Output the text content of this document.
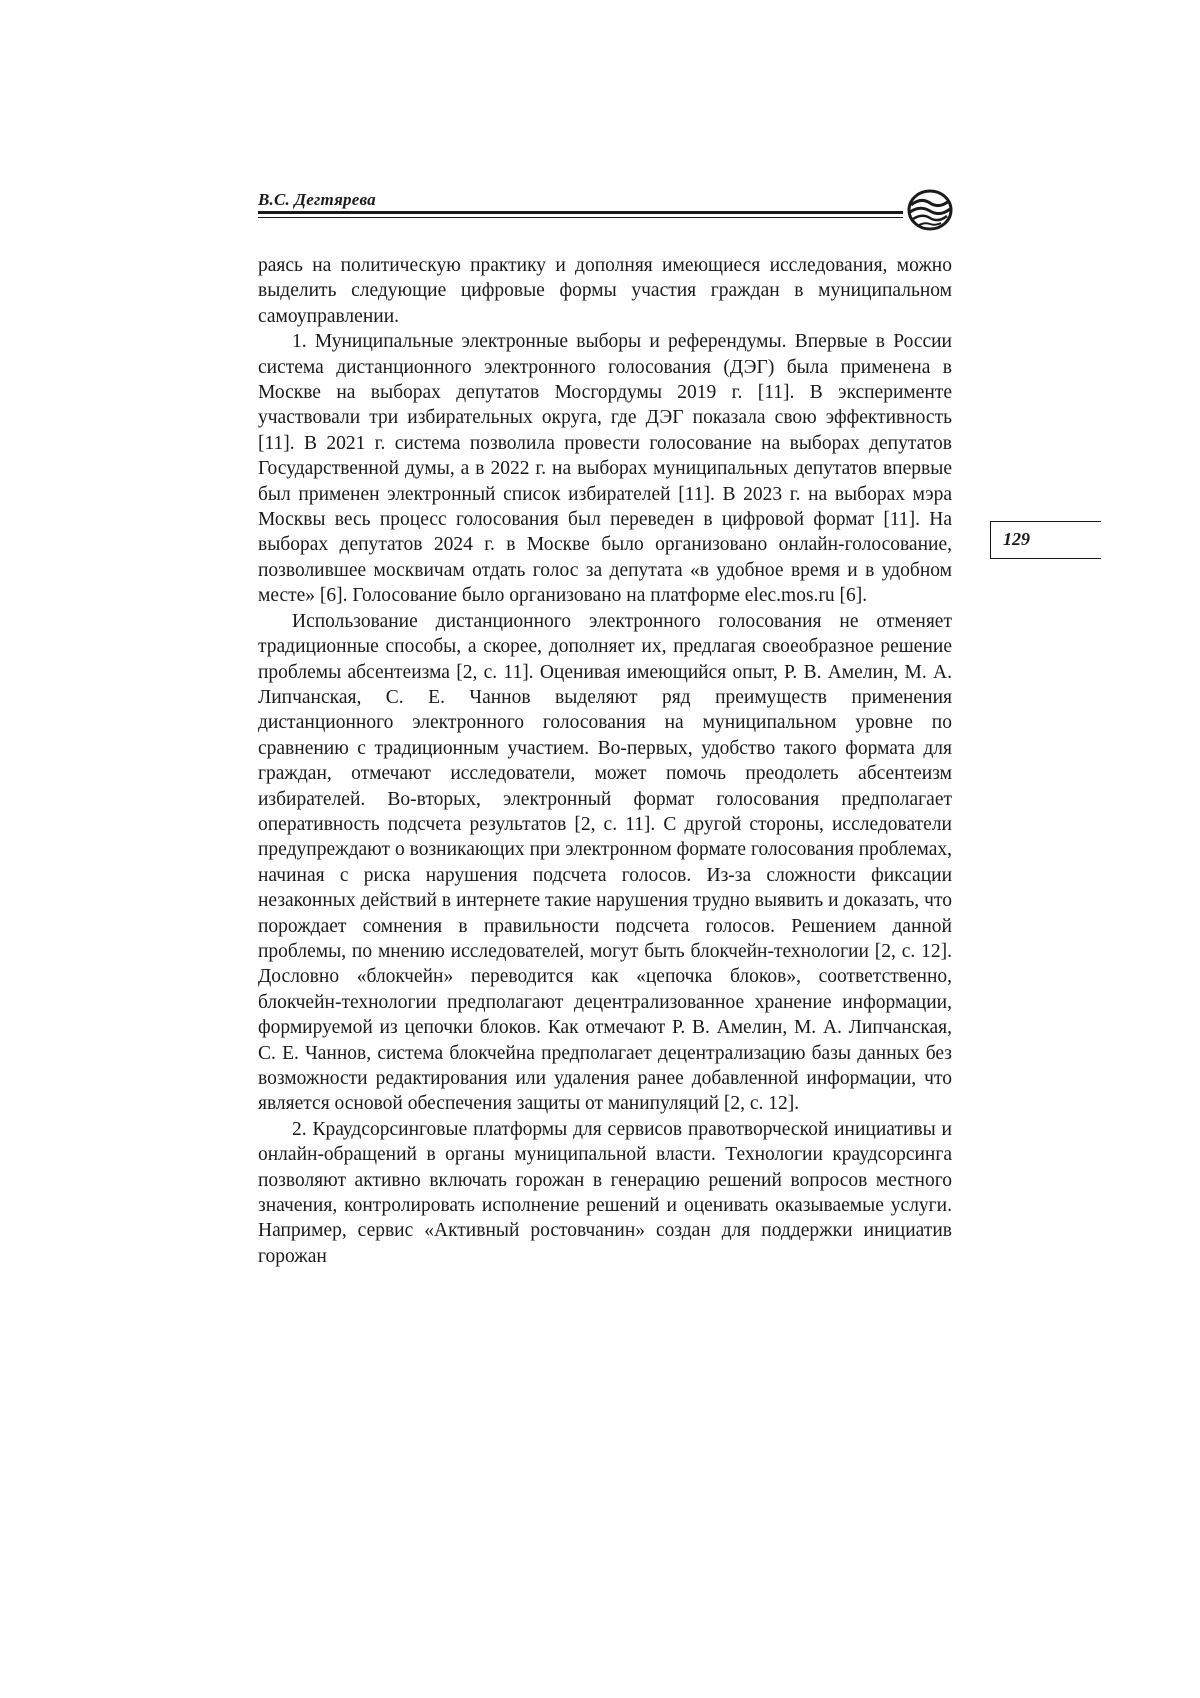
В.С. Дегтярева
129

раясь на политическую практику и дополняя имеющиеся исследования, можно выделить следующие цифровые формы участия граждан в муниципальном самоуправлении.

1. Муниципальные электронные выборы и референдумы. Впервые в России система дистанционного электронного голосования (ДЭГ) была применена в Москве на выборах депутатов Мосгордумы 2019 г. [11]. В эксперименте участвовали три избирательных округа, где ДЭГ показала свою эффективность [11]. В 2021 г. система позволила провести голосование на выборах депутатов Государственной думы, а в 2022 г. на выборах муниципальных депутатов впервые был применен электронный список избирателей [11]. В 2023 г. на выборах мэра Москвы весь процесс голосования был переведен в цифровой формат [11]. На выборах депутатов 2024 г. в Москве было организовано онлайн-голосование, позволившее москвичам отдать голос за депутата «в удобное время и в удобном месте» [6]. Голосование было организовано на платформе elec.mos.ru [6].

Использование дистанционного электронного голосования не отменяет традиционные способы, а скорее, дополняет их, предлагая своеобразное решение проблемы абсентеизма [2, с. 11]. Оценивая имеющийся опыт, Р. В. Амелин, М. А. Липчанская, С. Е. Чаннов выделяют ряд преимуществ применения дистанционного электронного голосования на муниципальном уровне по сравнению с традиционным участием. Во-первых, удобство такого формата для граждан, отмечают исследователи, может помочь преодолеть абсентеизм избирателей. Во-вторых, электронный формат голосования предполагает оперативность подсчета результатов [2, с. 11]. С другой стороны, исследователи предупреждают о возникающих при электронном формате голосования проблемах, начиная с риска нарушения подсчета голосов. Из-за сложности фиксации незаконных действий в интернете такие нарушения трудно выявить и доказать, что порождает сомнения в правильности подсчета голосов. Решением данной проблемы, по мнению исследователей, могут быть блокчейн-технологии [2, с. 12]. Дословно «блокчейн» переводится как «цепочка блоков», соответственно, блокчейн-технологии предполагают децентрализованное хранение информации, формируемой из цепочки блоков. Как отмечают Р. В. Амелин, М. А. Липчанская, С. Е. Чаннов, система блокчейна предполагает децентрализацию базы данных без возможности редактирования или удаления ранее добавленной информации, что является основой обеспечения защиты от манипуляций [2, с. 12].

2. Краудсорсинговые платформы для сервисов правотворческой инициативы и онлайн-обращений в органы муниципальной власти. Технологии краудсорсинга позволяют активно включать горожан в генерацию решений вопросов местного значения, контролировать исполнение решений и оценивать оказываемые услуги. Например, сервис «Активный ростовчанин» создан для поддержки инициатив горожан
